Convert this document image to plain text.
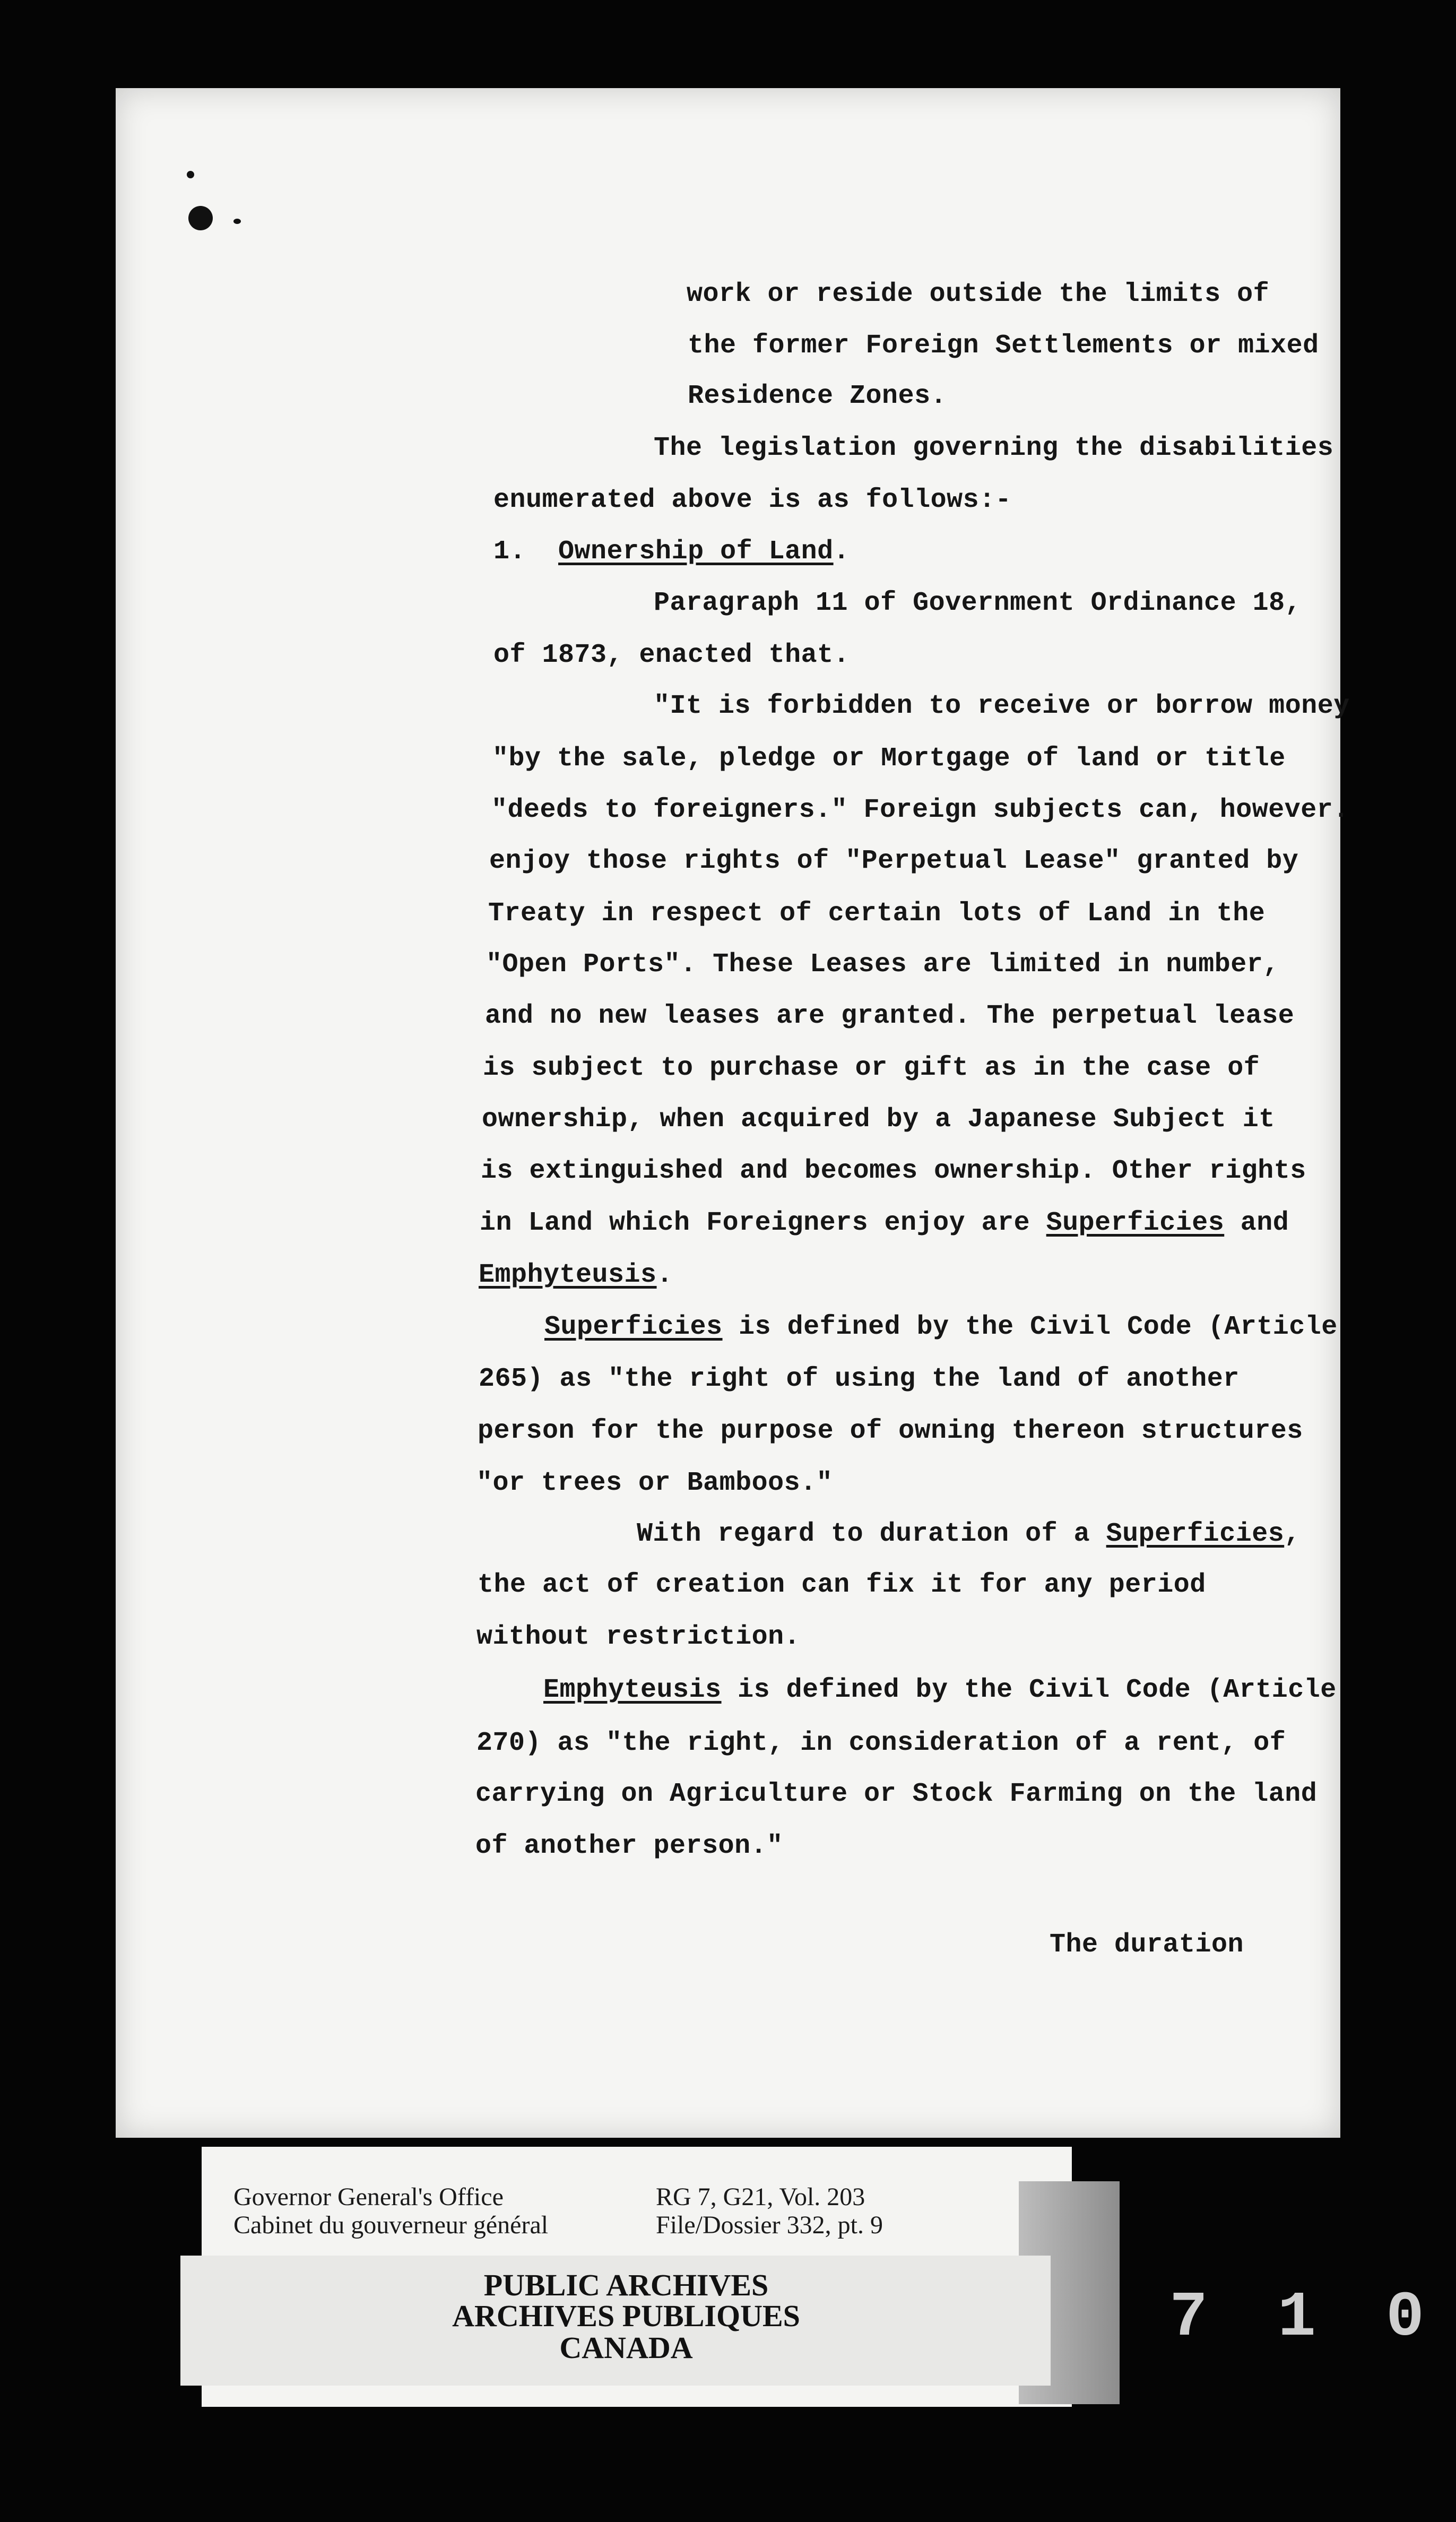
work or reside outside the limits of
the former Foreign Settlements or mixed
Residence Zones.
The legislation governing the disabilities
enumerated above is as follows:-
1. Ownership of Land.
Paragraph 11 of Government Ordinance 18,
of 1873, enacted that.
"It is forbidden to receive or borrow money
"by the sale, pledge or Mortgage of land or title
"deeds to foreigners." Foreign subjects can, however.
enjoy those rights of "Perpetual Lease" granted by
Treaty in respect of certain lots of Land in the
"Open Ports". These Leases are limited in number,
and no new leases are granted. The perpetual lease
is subject to purchase or gift as in the case of
ownership, when acquired by a Japanese Subject it
is extinguished and becomes ownership. Other rights
in Land which Foreigners enjoy are Superficies and
Emphyteusis.
Superficies is defined by the Civil Code (Article
265) as "the right of using the land of another
person for the purpose of owning thereon structures
"or trees or Bamboos."
With regard to duration of a Superficies,
the act of creation can fix it for any period
without restriction.
Emphyteusis is defined by the Civil Code (Article
270) as "the right, in consideration of a rent, of
carrying on Agriculture or Stock Farming on the land
of another person."
The duration
Governor General's Office
Cabinet du gouverneur général
RG 7, G21, Vol. 203
File/Dossier 332, pt. 9
PUBLIC ARCHIVES
ARCHIVES PUBLIQUES
CANADA	7 1 0
